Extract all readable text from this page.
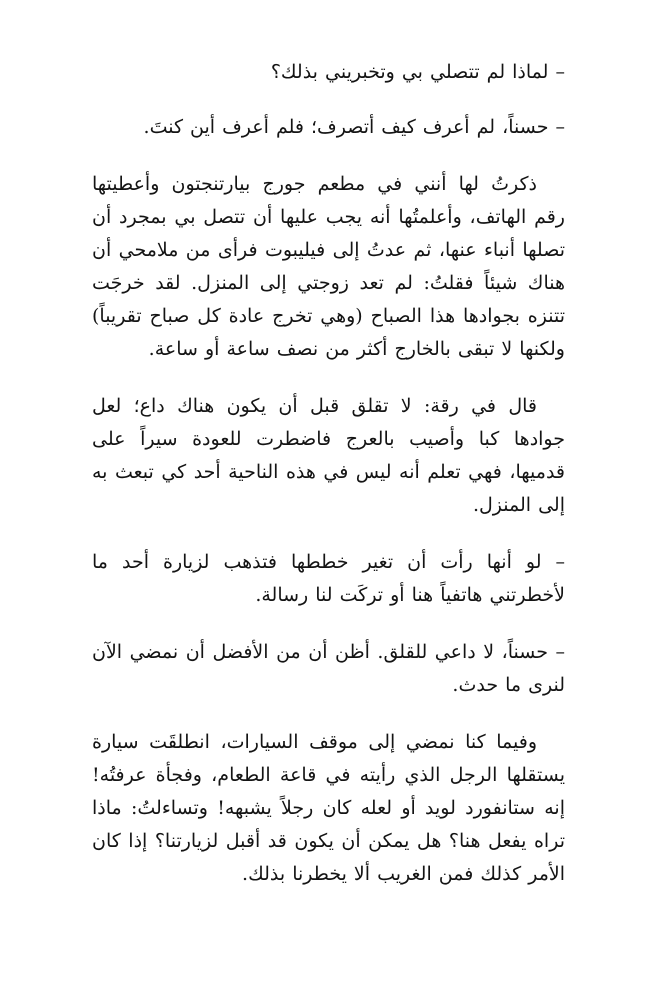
– لماذا لم تتصلي بي وتخبريني بذلك؟

– حسناً، لم أعرف كيف أتصرف؛ فلم أعرف أين كنتَ.

ذكرتُ لها أنني في مطعم جورج بيارتنجتون وأعطيتها رقم الهاتف، وأعلمتُها أنه يجب عليها أن تتصل بي بمجرد أن تصلها أنباء عنها، ثم عدتُ إلى فيليبوت فرأى من ملامحي أن هناك شيئاً فقلتُ: لم تعد زوجتي إلى المنزل. لقد خرجَت تتنزه بجوادها هذا الصباح (وهي تخرج عادة كل صباح تقريباً) ولكنها لا تبقى بالخارج أكثر من نصف ساعة أو ساعة.

قال في رقة: لا تقلق قبل أن يكون هناك داع؛ لعل جوادها كبا وأصيب بالعرج فاضطرت للعودة سيراً على قدميها، فهي تعلم أنه ليس في هذه الناحية أحد كي تبعث به إلى المنزل.

– لو أنها رأت أن تغير خططها فتذهب لزيارة أحد ما لأخطرتني هاتفياً هنا أو تركَت لنا رسالة.

– حسناً، لا داعي للقلق. أظن أن من الأفضل أن نمضي الآن لنرى ما حدث.

وفيما كنا نمضي إلى موقف السيارات، انطلقَت سيارة يستقلها الرجل الذي رأيته في قاعة الطعام، وفجأة عرفتُه! إنه ستانفورد لويد أو لعله كان رجلاً يشبهه! وتساءلتُ: ماذا تراه يفعل هنا؟ هل يمكن أن يكون قد أقبل لزيارتنا؟ إذا كان الأمر كذلك فمن الغريب ألا يخطرنا بذلك.
